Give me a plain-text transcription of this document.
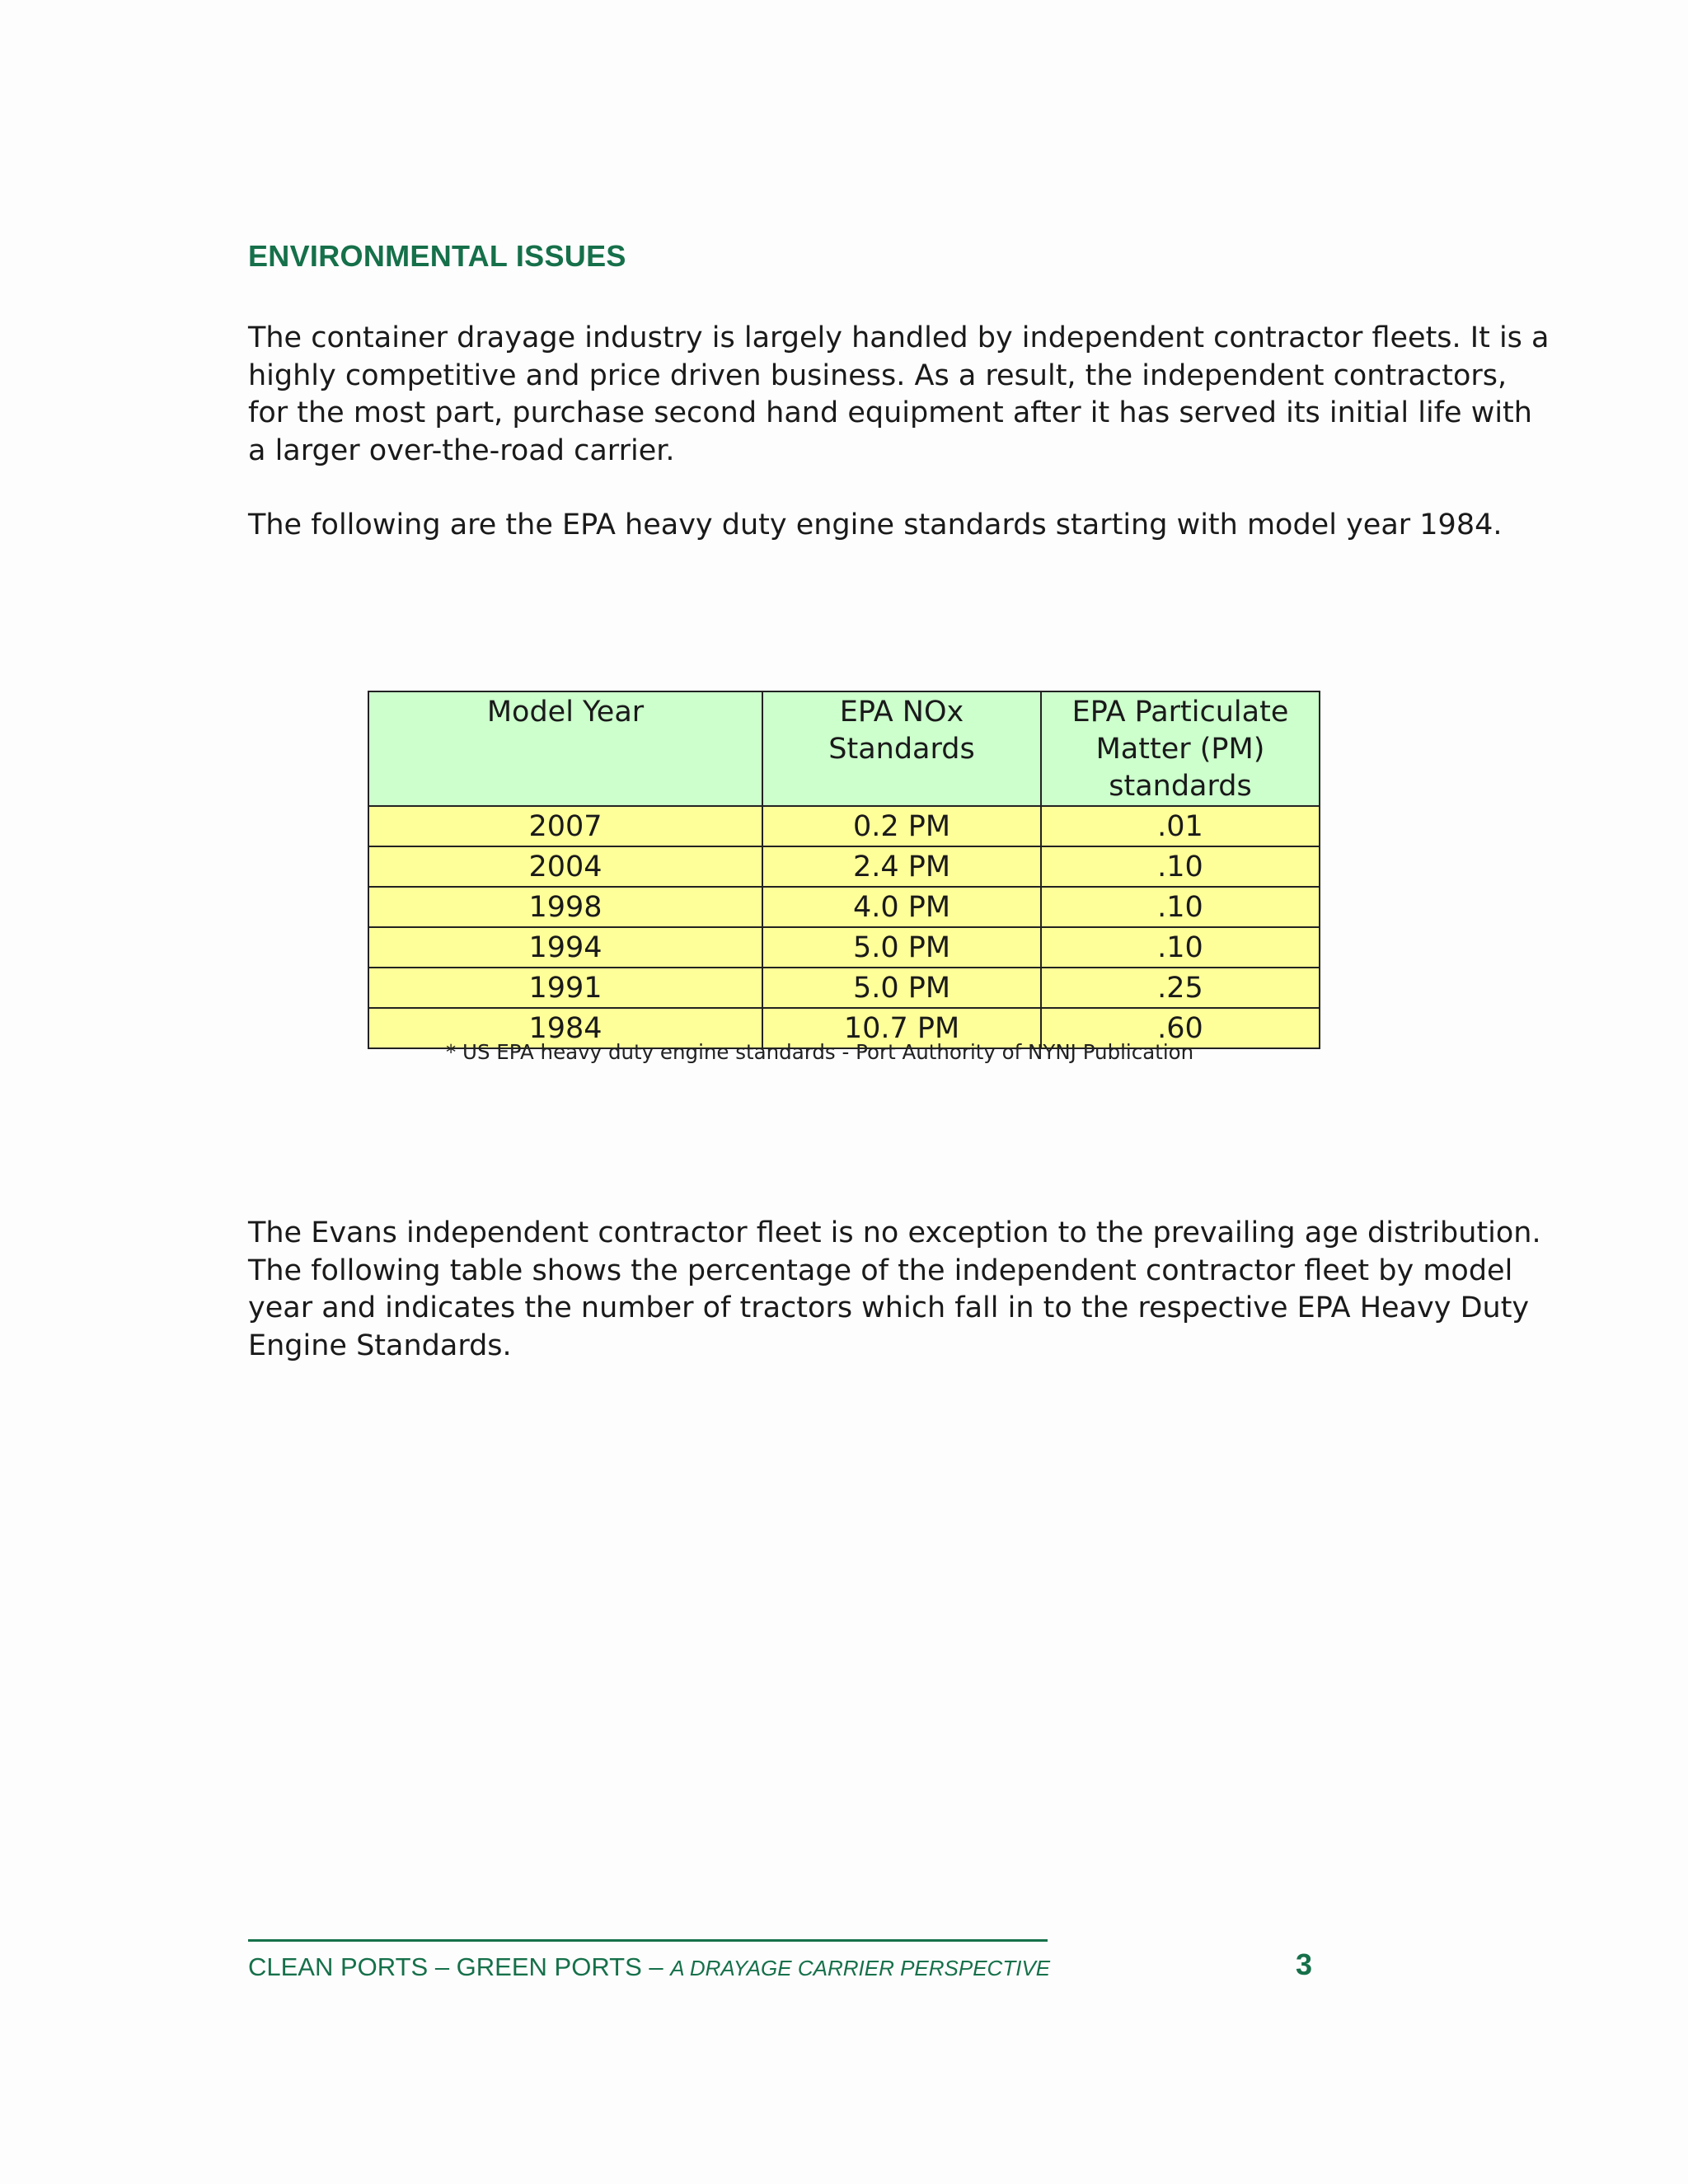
ENVIRONMENTAL ISSUES

The container drayage industry is largely handled by independent contractor fleets. It is a highly competitive and price driven business. As a result, the independent contractors, for the most part, purchase second hand equipment after it has served its initial life with a larger over-the-road carrier.

The following are the EPA heavy duty engine standards starting with model year 1984.

Model Year	EPA NOx Standards	EPA Particulate Matter (PM) standards
2007	0.2 PM	.01
2004	2.4 PM	.10
1998	4.0 PM	.10
1994	5.0 PM	.10
1991	5.0 PM	.25
1984	10.7 PM	.60

* US EPA heavy duty engine standards - Port Authority of NYNJ Publication

The Evans independent contractor fleet is no exception to the prevailing age distribution. The following table shows the percentage of the independent contractor fleet by model year and indicates the number of tractors which fall in to the respective EPA Heavy Duty Engine Standards.

CLEAN PORTS – GREEN PORTS – A DRAYAGE CARRIER PERSPECTIVE	3
